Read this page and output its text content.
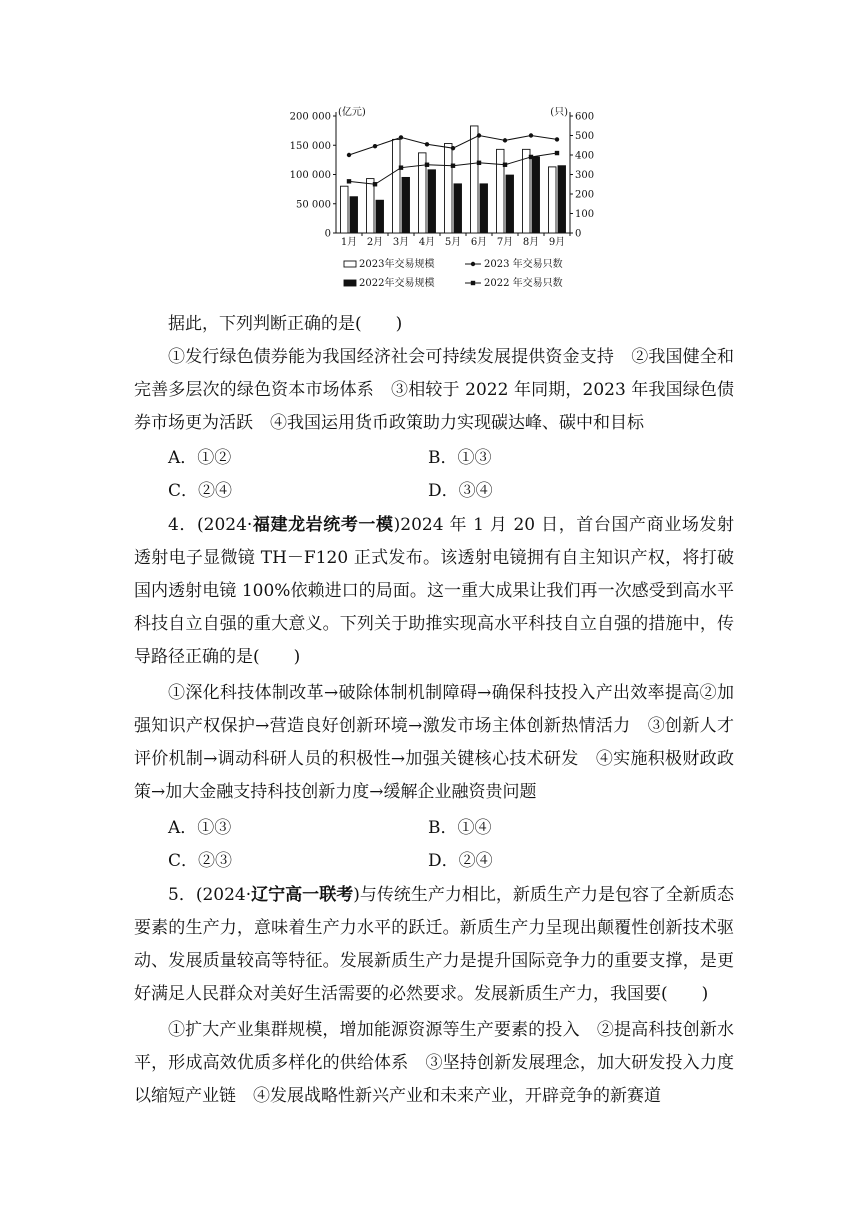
200 000
150 000
100 000
50 000
0
(亿元)	600
500
400
300
200
100
0
(只)
1月 2月 3月 4月 5月 6月 7月 8月 9月
2023年交易规模	2023 年交易只数
2022年交易规模	2022 年交易只数

据此，下列判断正确的是(　　)

①发行绿色债券能为我国经济社会可持续发展提供资金支持　②我国健全和完善多层次的绿色资本市场体系　③相较于 2022 年同期，2023 年我国绿色债券市场更为活跃　④我国运用货币政策助力实现碳达峰、碳中和目标

A．①②	B．①③
C．②④	D．③④

4．(2024·福建龙岩统考一模)2024 年 1 月 20 日，首台国产商业场发射透射电子显微镜 TH－F120 正式发布。该透射电镜拥有自主知识产权，将打破国内透射电镜 100%依赖进口的局面。这一重大成果让我们再一次感受到高水平科技自立自强的重大意义。下列关于助推实现高水平科技自立自强的措施中，传导路径正确的是(　　)

①深化科技体制改革→破除体制机制障碍→确保科技投入产出效率提高②加强知识产权保护→营造良好创新环境→激发市场主体创新热情活力　③创新人才评价机制→调动科研人员的积极性→加强关键核心技术研发　④实施积极财政政策→加大金融支持科技创新力度→缓解企业融资贵问题

A．①③	B．①④
C．②③	D．②④

5．(2024·辽宁高一联考)与传统生产力相比，新质生产力是包容了全新质态要素的生产力，意味着生产力水平的跃迁。新质生产力呈现出颠覆性创新技术驱动、发展质量较高等特征。发展新质生产力是提升国际竞争力的重要支撑，是更好满足人民群众对美好生活需要的必然要求。发展新质生产力，我国要(　　)

①扩大产业集群规模，增加能源资源等生产要素的投入　②提高科技创新水平，形成高效优质多样化的供给体系　③坚持创新发展理念，加大研发投入力度以缩短产业链　④发展战略性新兴产业和未来产业，开辟竞争的新赛道
